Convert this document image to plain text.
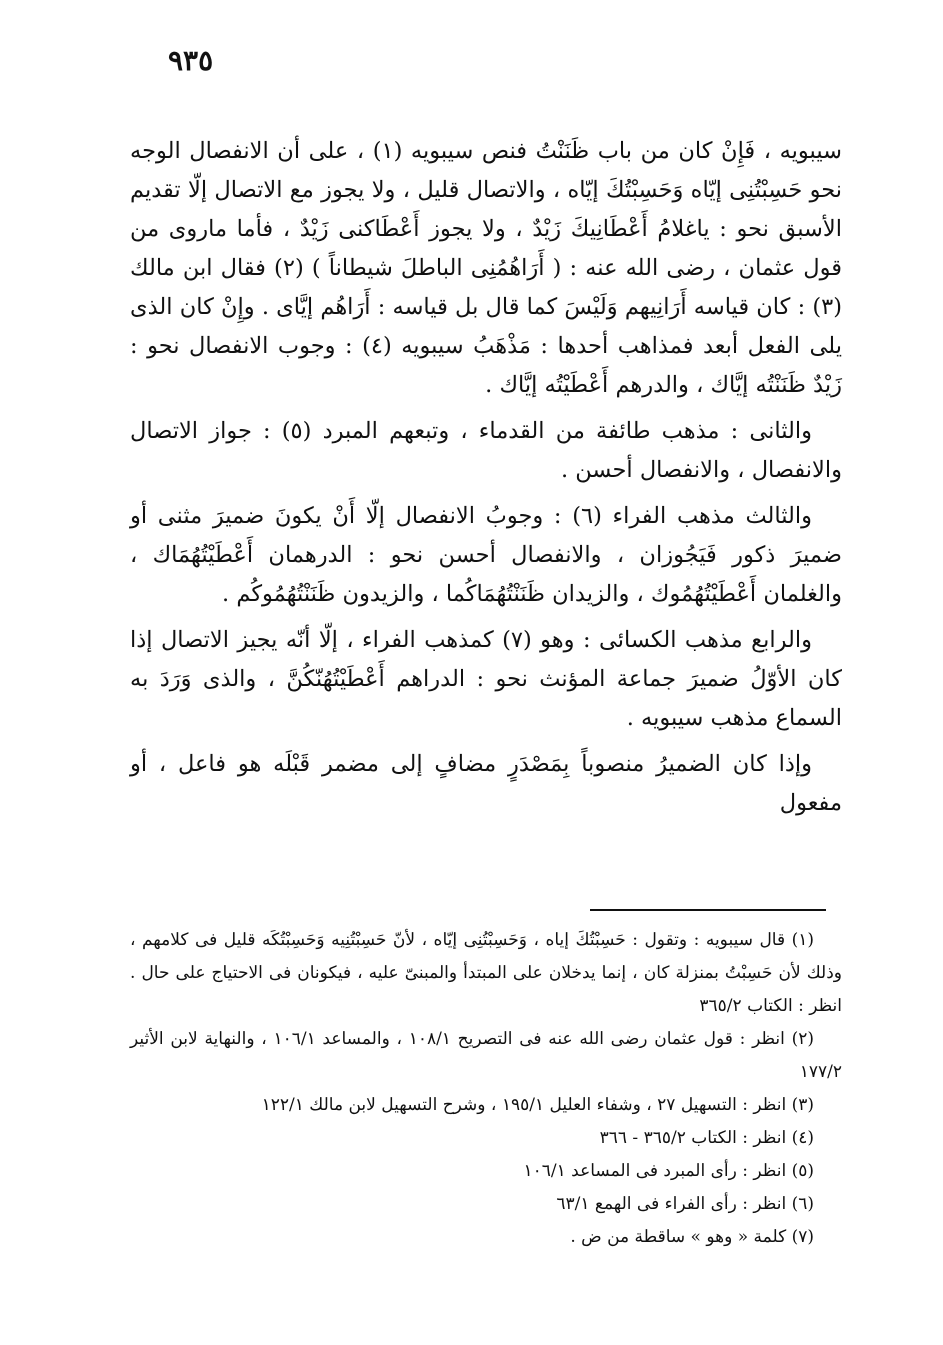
٩٣٥

سيبويه ، فَإِنْ كان من باب ظَنَنْتُ فنص سيبويه (١) ، على أن الانفصال الوجه نحو حَسِبْتُنِى إيّاه وَحَسِبْتُكَ إيّاه ، والاتصال قليل ، ولا يجوز مع الاتصال إلّا تقديم الأسبق نحو : ياغلامُ أَعْطَانِيكَ زَيْدٌ ، ولا يجوز أَعْطَاكنى زَيْدٌ ، فأما ماروى من قول عثمان ، رضى الله عنه : ( أَرَاهُمُنِى الباطلَ شيطاناً ) (٢) فقال ابن مالك (٣) : كان قياسه أَرَانِيهم وَلَيْسَ كما قال بل قياسه : أَرَاهُم إيَّاى . وإِنْ كان الذى يلى الفعل أبعد فمذاهب أحدها : مَذْهَبُ سيبويه (٤) : وجوب الانفصال نحو : زَيْدٌ ظَنَنْتُه إيَّاك ، والدرهم أَعْطَيْتُه إيَّاك .

والثانى : مذهب طائفة من القدماء ، وتبعهم المبرد (٥) : جواز الاتصال والانفصال ، والانفصال أحسن .

والثالث مذهب الفراء (٦) : وجوبُ الانفصال إلّا أَنْ يكونَ ضميرَ مثنى أو ضميرَ ذكور فَيَجُوزان ، والانفصال أحسن نحو : الدرهمان أَعْطَيْتُهُمَاك ، والغلمان أَعْطَيْتُهُمُوك ، والزيدان ظَنَنْتُهُمَاكُما ، والزيدون ظَنَنْتُهُمُوكُم .

والرابع مذهب الكسائى : وهو (٧) كمذهب الفراء ، إلّا أنّه يجيز الاتصال إذا كان الأوّلُ ضميرَ جماعة المؤنث نحو : الدراهم أَعْطَيْتُهُنّكُنَّ ، والذى وَرَدَ به السماع مذهب سيبويه .

وإذا كان الضميرُ منصوباً بِمَصْدَرٍ مضافٍ إلى مضمر قَبْلَه هو فاعل ، أو مفعول

(١) قال سيبويه : وتقول : حَسِبْتُكَ إياه ، وَحَسِبْتُنِى إيّاه ، لأنّ حَسِبْتُنِيه وَحَسِبْتُكَه قليل فى كلامهم ، وذلك لأن حَسِبْتُ بمنزلة كان ، إنما يدخلان على المبتدأ والمبنىّ عليه ، فيكونان فى الاحتياج على حال . انظر : الكتاب ٣٦٥/٢

(٢) انظر : قول عثمان رضى الله عنه فى التصريح ١٠٨/١ ، والمساعد ١٠٦/١ ، والنهاية لابن الأثير ١٧٧/٢

(٣) انظر : التسهيل ٢٧ ، وشفاء العليل ١٩٥/١ ، وشرح التسهيل لابن مالك ١٢٢/١

(٤) انظر : الكتاب ٣٦٥/٢ - ٣٦٦

(٥) انظر : رأى المبرد فى المساعد ١٠٦/١

(٦) انظر : رأى الفراء فى الهمع ٦٣/١

(٧) كلمة « وهو » ساقطة من ض .
